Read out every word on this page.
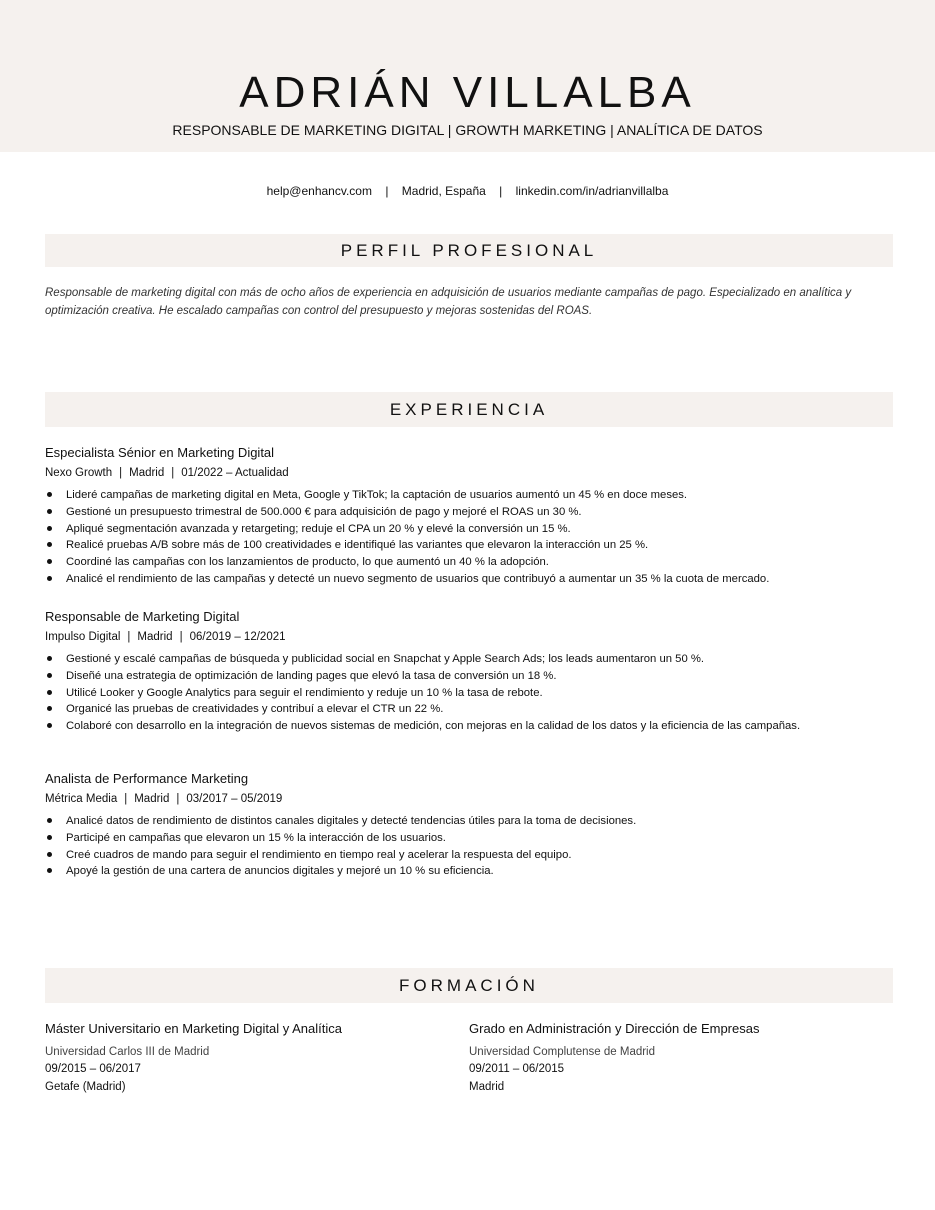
ADRIÁN VILLALBA
RESPONSABLE DE MARKETING DIGITAL | GROWTH MARKETING | ANALÍTICA DE DATOS
help@enhancv.com | Madrid, España | linkedin.com/in/adrianvillalba
PERFIL PROFESIONAL
Responsable de marketing digital con más de ocho años de experiencia en adquisición de usuarios mediante campañas de pago. Especializado en analítica y optimización creativa. He escalado campañas con control del presupuesto y mejoras sostenidas del ROAS.
EXPERIENCIA
Especialista Sénior en Marketing Digital
Nexo Growth | Madrid | 01/2022 – Actualidad
Lideré campañas de marketing digital en Meta, Google y TikTok; la captación de usuarios aumentó un 45 % en doce meses.
Gestioné un presupuesto trimestral de 500.000 € para adquisición de pago y mejoré el ROAS un 30 %.
Apliqué segmentación avanzada y retargeting; reduje el CPA un 20 % y elevé la conversión un 15 %.
Realicé pruebas A/B sobre más de 100 creatividades e identifiqué las variantes que elevaron la interacción un 25 %.
Coordiné las campañas con los lanzamientos de producto, lo que aumentó un 40 % la adopción.
Analicé el rendimiento de las campañas y detecté un nuevo segmento de usuarios que contribuyó a aumentar un 35 % la cuota de mercado.
Responsable de Marketing Digital
Impulso Digital | Madrid | 06/2019 – 12/2021
Gestioné y escalé campañas de búsqueda y publicidad social en Snapchat y Apple Search Ads; los leads aumentaron un 50 %.
Diseñé una estrategia de optimización de landing pages que elevó la tasa de conversión un 18 %.
Utilicé Looker y Google Analytics para seguir el rendimiento y reduje un 10 % la tasa de rebote.
Organicé las pruebas de creatividades y contribuí a elevar el CTR un 22 %.
Colaboré con desarrollo en la integración de nuevos sistemas de medición, con mejoras en la calidad de los datos y la eficiencia de las campañas.
Analista de Performance Marketing
Métrica Media | Madrid | 03/2017 – 05/2019
Analicé datos de rendimiento de distintos canales digitales y detecté tendencias útiles para la toma de decisiones.
Participé en campañas que elevaron un 15 % la interacción de los usuarios.
Creé cuadros de mando para seguir el rendimiento en tiempo real y acelerar la respuesta del equipo.
Apoyé la gestión de una cartera de anuncios digitales y mejoré un 10 % su eficiencia.
FORMACIÓN
Máster Universitario en Marketing Digital y Analítica
Universidad Carlos III de Madrid
09/2015 – 06/2017
Getafe (Madrid)
Grado en Administración y Dirección de Empresas
Universidad Complutense de Madrid
09/2011 – 06/2015
Madrid
